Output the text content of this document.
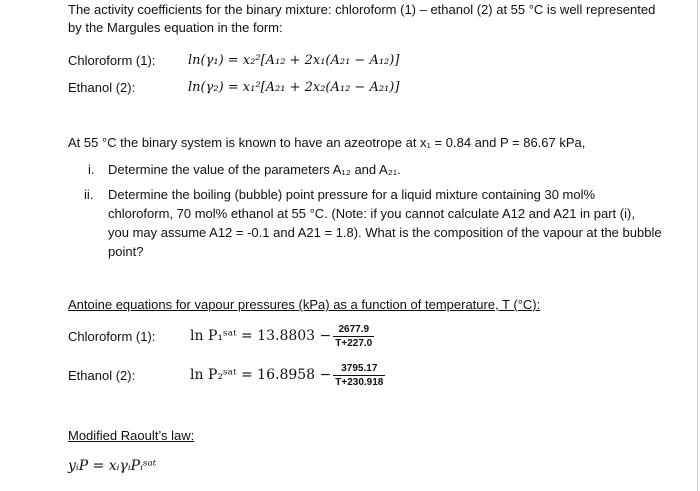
The activity coefficients for the binary mixture: chloroform (1) – ethanol (2) at 55 °C is well represented
by the Margules equation in the form:
Chloroform (1):	ln(γ₁) = x₂²[A₁₂ + 2x₁(A₂₁ − A₁₂)]
Ethanol (2):	ln(γ₂) = x₁²[A₂₁ + 2x₂(A₁₂ − A₂₁)]
At 55 °C the binary system is known to have an azeotrope at x₁ = 0.84 and P = 86.67 kPa,
i. Determine the value of the parameters A₁₂ and A₂₁.
ii. Determine the boiling (bubble) point pressure for a liquid mixture containing 30 mol%
chloroform, 70 mol% ethanol at 55 °C. (Note: if you cannot calculate A12 and A21 in part (i),
you may assume A12 = -0.1 and A21 = 1.8). What is the composition of the vapour at the bubble
point?
Antoine equations for vapour pressures (kPa) as a function of temperature, T (°C):
Chloroform (1): ln P₁ˢᵃᵗ = $13.8803 - \frac{2677.9}{T+227.0}$
Ethanol (2):	ln P₂ˢᵃᵗ = $16.8958 - \frac{3795.17}{T+230.918}$
Modified Raoult’s law:
yᵢP = xᵢγᵢPᵢˢᵃᵗ
